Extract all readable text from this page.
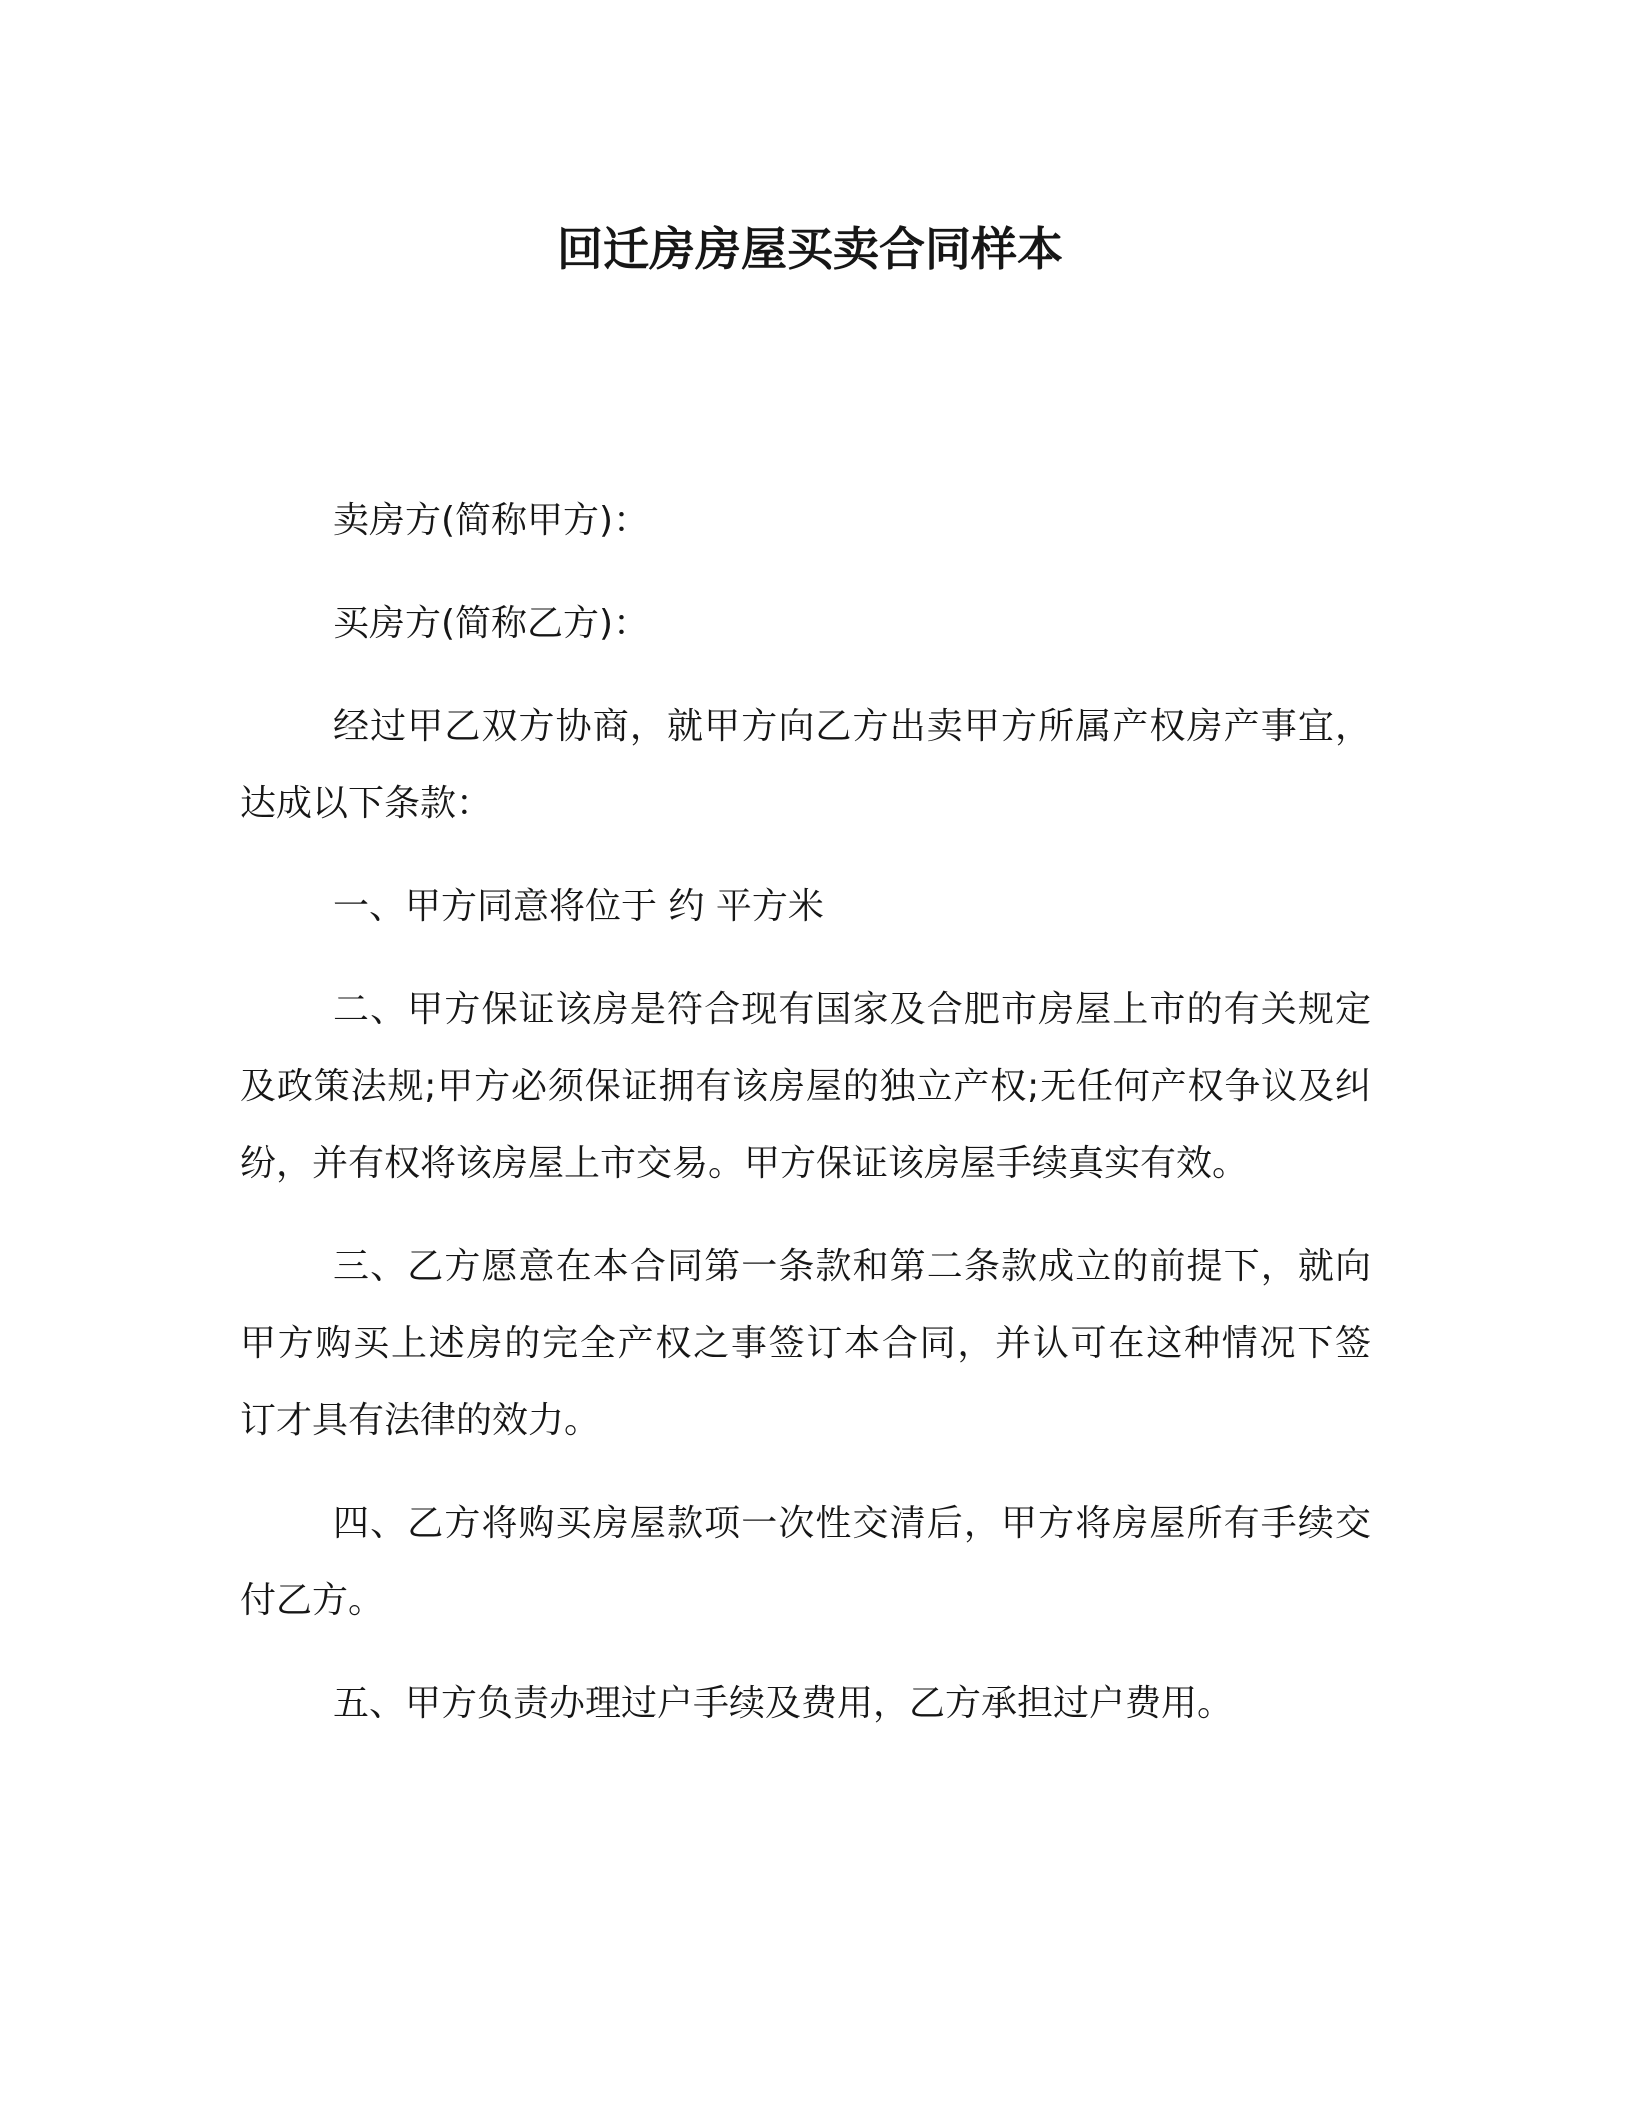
回迁房房屋买卖合同样本
卖房方(简称甲方)：
买房方(简称乙方)：
经过甲乙双方协商，就甲方向乙方出卖甲方所属产权房产事宜，
达成以下条款：
一、甲方同意将位于 约 平方米
二、甲方保证该房是符合现有国家及合肥市房屋上市的有关规定
及政策法规;甲方必须保证拥有该房屋的独立产权;无任何产权争议及纠
纷，并有权将该房屋上市交易。甲方保证该房屋手续真实有效。
三、乙方愿意在本合同第一条款和第二条款成立的前提下，就向
甲方购买上述房的完全产权之事签订本合同，并认可在这种情况下签
订才具有法律的效力。
四、乙方将购买房屋款项一次性交清后，甲方将房屋所有手续交
付乙方。
五、甲方负责办理过户手续及费用，乙方承担过户费用。
